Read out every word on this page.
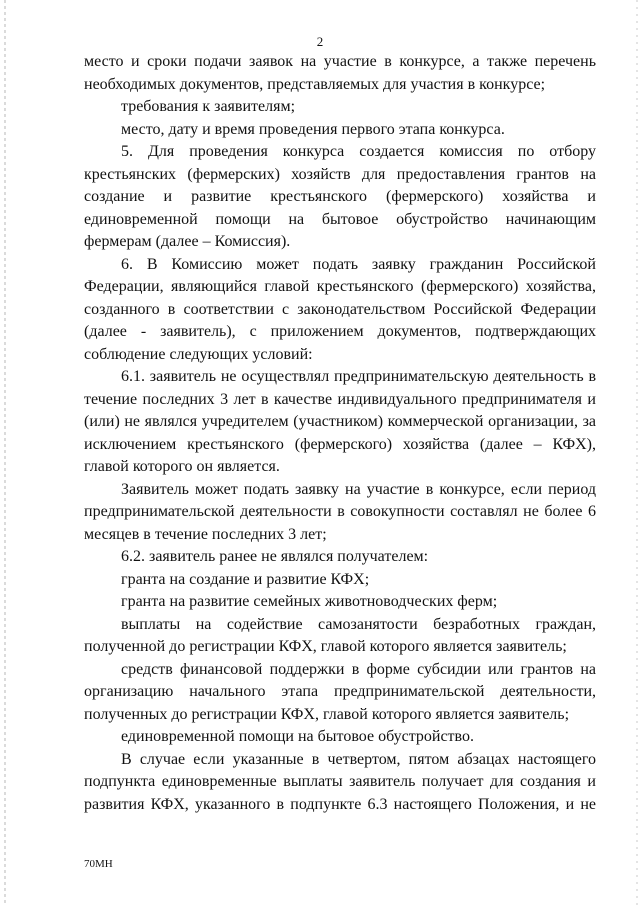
2

место и сроки подачи заявок на участие в конкурсе, а также перечень необходимых документов, представляемых для участия в конкурсе;

требования к заявителям;

место, дату и время проведения первого этапа конкурса.

5. Для проведения конкурса создается комиссия по отбору крестьянских (фермерских) хозяйств для предоставления грантов на создание и развитие крестьянского (фермерского) хозяйства и единовременной помощи на бытовое обустройство начинающим фермерам (далее – Комиссия).

6. В Комиссию может подать заявку гражданин Российской Федерации, являющийся главой крестьянского (фермерского) хозяйства, созданного в соответствии с законодательством Российской Федерации (далее - заявитель), с приложением документов, подтверждающих соблюдение следующих условий:

6.1. заявитель не осуществлял предпринимательскую деятельность в течение последних 3 лет в качестве индивидуального предпринимателя и (или) не являлся учредителем (участником) коммерческой организации, за исключением крестьянского (фермерского) хозяйства (далее – КФХ), главой которого он является.

Заявитель может подать заявку на участие в конкурсе, если период предпринимательской деятельности в совокупности составлял не более 6 месяцев в течение последних 3 лет;

6.2. заявитель ранее не являлся получателем:

гранта на создание и развитие КФХ;

гранта на развитие семейных животноводческих ферм;

выплаты на содействие самозанятости безработных граждан, полученной до регистрации КФХ, главой которого является заявитель;

средств финансовой поддержки в форме субсидии или грантов на организацию начального этапа предпринимательской деятельности, полученных до регистрации КФХ, главой которого является заявитель;

единовременной помощи на бытовое обустройство.

В случае если указанные в четвертом, пятом абзацах настоящего подпункта единовременные выплаты заявитель получает для создания и развития КФХ, указанного в подпункте 6.3 настоящего Положения, и не

70МН
